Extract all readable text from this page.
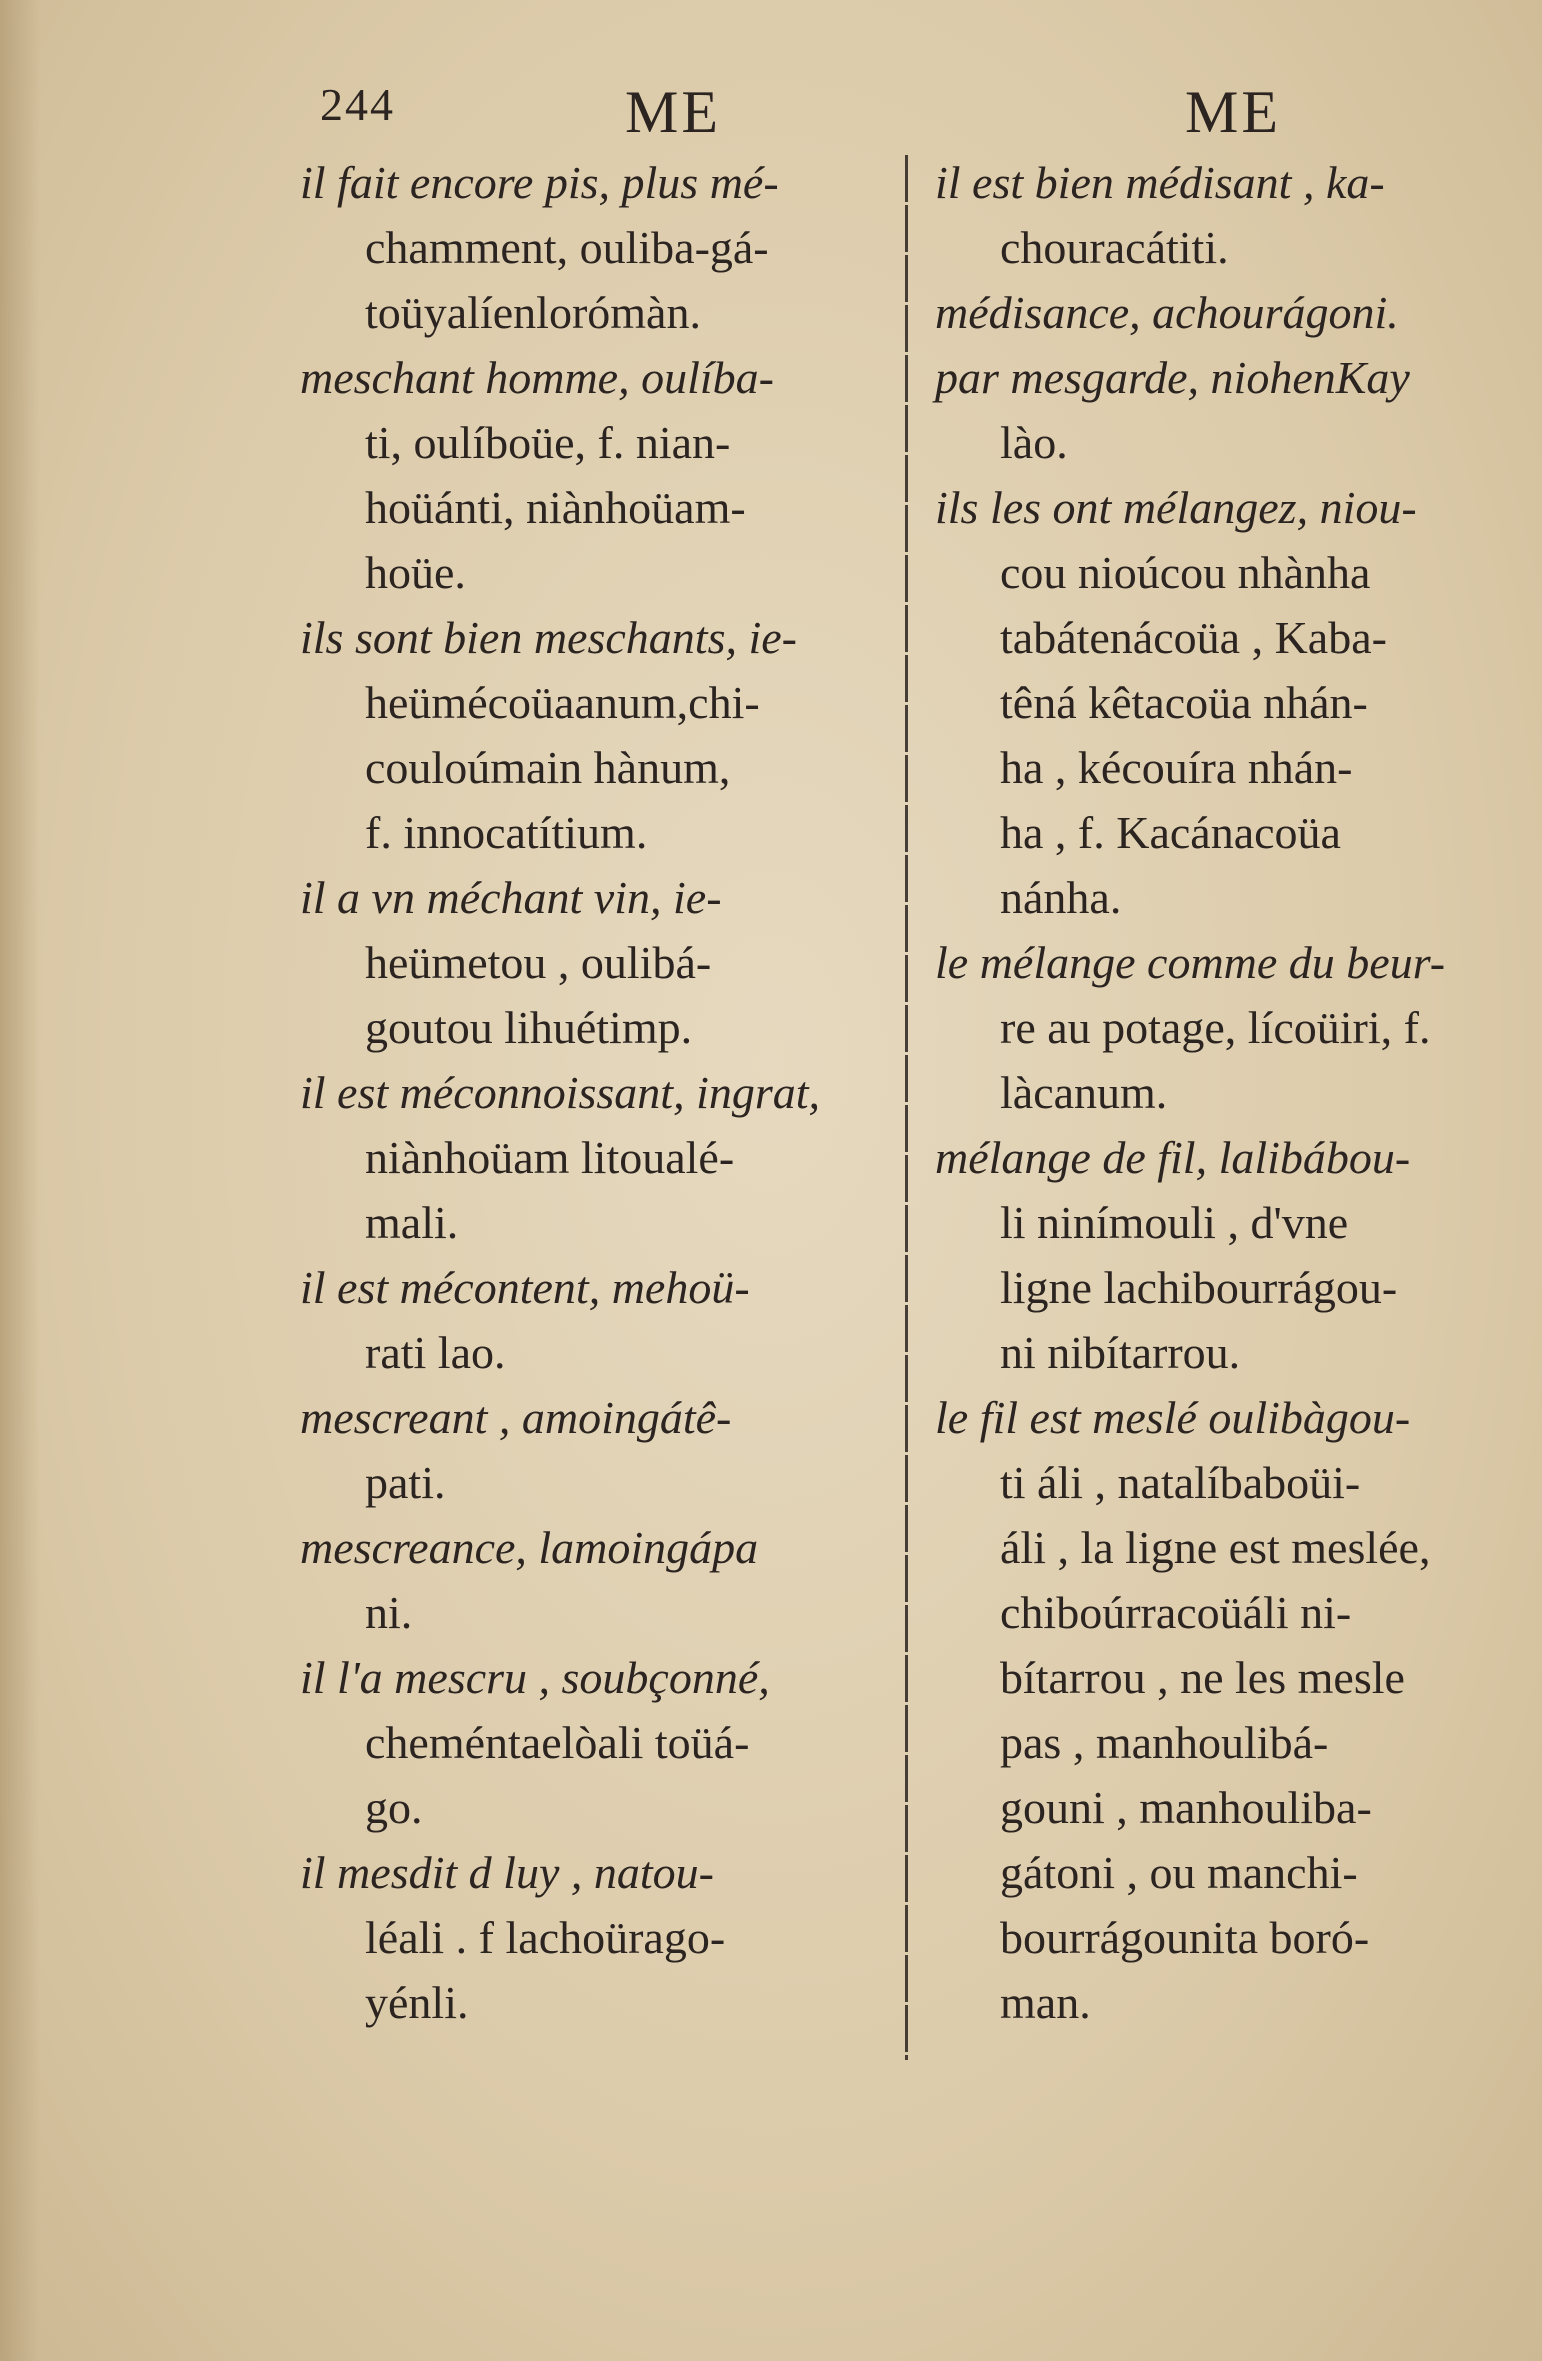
244	ME	ME
il fait encore pis, plus mé-
chamment, ouliba-gá-
toüyalíenlorómàn.
meschant homme, oulíba-
ti, oulíboüe, f. nian-
hoüánti, niànhoüam-
hoüe.
ils sont bien meschants, ie-
heümécoüaanum,chi-
couloúmain hànum,
f. innocatítium.
il a vn méchant vin, ie-
heümetou , oulibá-
goutou lihuétimp.
il est méconnoissant, ingrat,
niànhoüam litoualé-
mali.
il est mécontent, mehoü-
rati lao.
mescreant , amoingátê-
pati.
mescreance, lamoingápa
ni.
il l'a mescru , soubçonné,
cheméntaelòali toüá-
go.
il mesdit d luy , natou-
léali . f lachoürago-
yénli.
il est bien médisant , ka-
chouracátiti.
médisance, achourágoni.
par mesgarde, niohenKay
lào.
ils les ont mélangez, niou-
cou nioúcou nhànha
tabátenácoüa , Kaba-
têná kêtacoüa nhán-
ha , kécouíra nhán-
ha , f. Kacánacoüa
nánha.
le mélange comme du beur-
re au potage, lícoüiri, f.
làcanum.
mélange de fil, lalibábou-
li ninímouli , d'vne
ligne lachibourrágou-
ni nibítarrou.
le fil est meslé oulibàgou-
ti áli , natalíbaboüi-
áli , la ligne est meslée,
chiboúrracoüáli ni-
bítarrou , ne les mesle
pas , manhoulibá-
gouni , manhouliba-
gátoni , ou manchi-
bourrágounita boró-
man.
